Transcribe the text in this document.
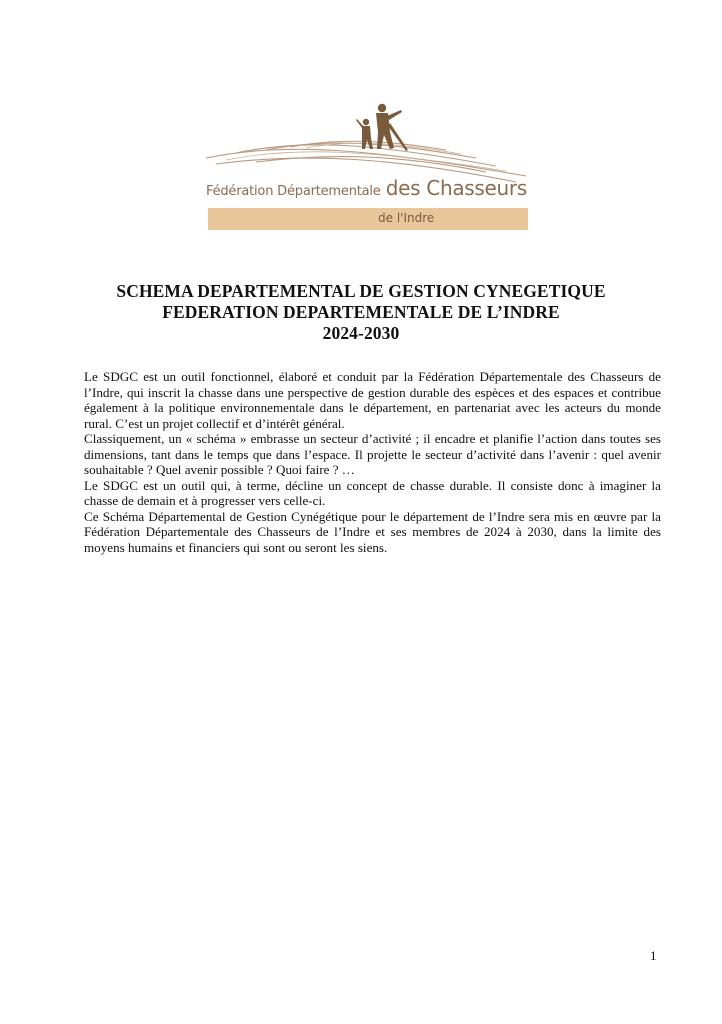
Fédération Départementale des Chasseurs
de l'Indre
SCHEMA DEPARTEMENTAL DE GESTION CYNEGETIQUE
FEDERATION DEPARTEMENTALE DE L’INDRE
2024-2030

Le SDGC est un outil fonctionnel, élaboré et conduit par la Fédération Départementale des Chasseurs de l’Indre, qui inscrit la chasse dans une perspective de gestion durable des espèces et des espaces et contribue également à la politique environnementale dans le département, en partenariat avec les acteurs du monde rural. C’est un projet collectif et d’intérêt général.

Classiquement, un « schéma » embrasse un secteur d’activité ; il encadre et planifie l’action dans toutes ses dimensions, tant dans le temps que dans l’espace. Il projette le secteur d’activité dans l’avenir : quel avenir souhaitable ? Quel avenir possible ? Quoi faire ? …

Le SDGC est un outil qui, à terme, décline un concept de chasse durable. Il consiste donc à imaginer la chasse de demain et à progresser vers celle-ci.

Ce Schéma Départemental de Gestion Cynégétique pour le département de l’Indre sera mis en œuvre par la Fédération Départementale des Chasseurs de l’Indre et ses membres de 2024 à 2030, dans la limite des moyens humains et financiers qui sont ou seront les siens.

1
